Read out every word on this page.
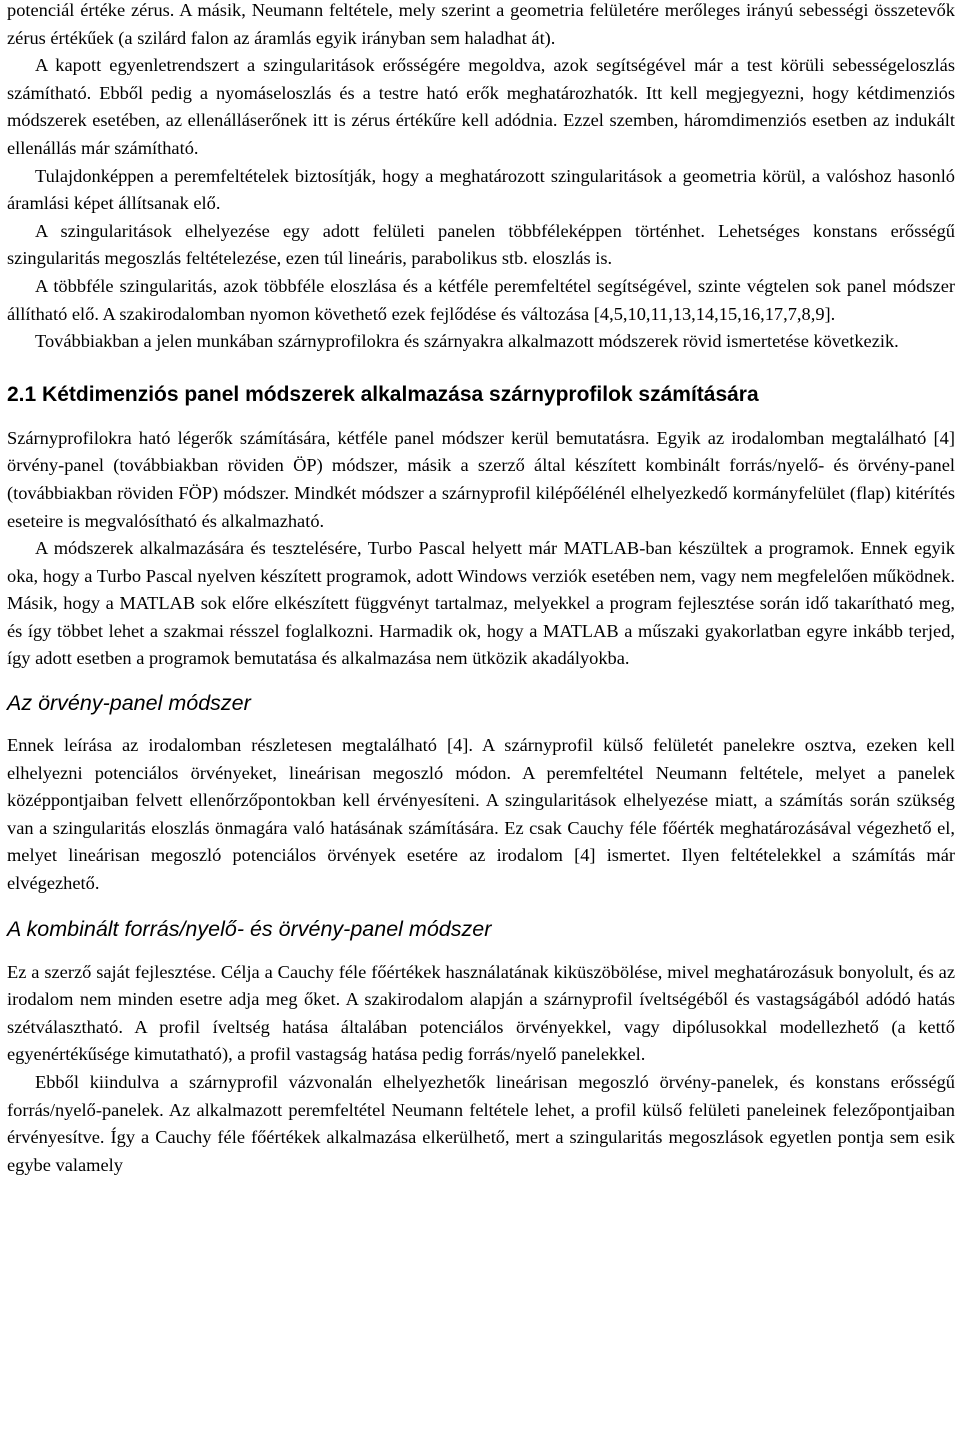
potenciál értéke zérus. A másik, Neumann feltétele, mely szerint a geometria felületére merőleges irányú sebességi összetevők zérus értékűek (a szilárd falon az áramlás egyik irányban sem haladhat át).

A kapott egyenletrendszert a szingularitások erősségére megoldva, azok segítségével már a test körüli sebességeloszlás számítható. Ebből pedig a nyomáseloszlás és a testre ható erők meghatározhatók. Itt kell megjegyezni, hogy kétdimenziós módszerek esetében, az ellenálláserőnek itt is zérus értékűre kell adódnia. Ezzel szemben, háromdimenziós esetben az indukált ellenállás már számítható.

Tulajdonképpen a peremfeltételek biztosítják, hogy a meghatározott szingularitások a geometria körül, a valóshoz hasonló áramlási képet állítsanak elő.

A szingularitások elhelyezése egy adott felületi panelen többféleképpen történhet. Lehetséges konstans erősségű szingularitás megoszlás feltételezése, ezen túl lineáris, parabolikus stb. eloszlás is.

A többféle szingularitás, azok többféle eloszlása és a kétféle peremfeltétel segítségével, szinte végtelen sok panel módszer állítható elő. A szakirodalomban nyomon követhető ezek fejlődése és változása [4,5,10,11,13,14,15,16,17,7,8,9].

Továbbiakban a jelen munkában szárnyprofilokra és szárnyakra alkalmazott módszerek rövid ismertetése következik.

2.1 Kétdimenziós panel módszerek alkalmazása szárnyprofilok számítására

Szárnyprofilokra ható légerők számítására, kétféle panel módszer kerül bemutatásra. Egyik az irodalomban megtalálható [4] örvény-panel (továbbiakban röviden ÖP) módszer, másik a szerző által készített kombinált forrás/nyelő- és örvény-panel (továbbiakban röviden FÖP) módszer. Mindkét módszer a szárnyprofil kilépőélénél elhelyezkedő kormányfelület (flap) kitérítés eseteire is megvalósítható és alkalmazható.

A módszerek alkalmazására és tesztelésére, Turbo Pascal helyett már MATLAB-ban készültek a programok. Ennek egyik oka, hogy a Turbo Pascal nyelven készített programok, adott Windows verziók esetében nem, vagy nem megfelelően működnek. Másik, hogy a MATLAB sok előre elkészített függvényt tartalmaz, melyekkel a program fejlesztése során idő takarítható meg, és így többet lehet a szakmai résszel foglalkozni. Harmadik ok, hogy a MATLAB a műszaki gyakorlatban egyre inkább terjed, így adott esetben a programok bemutatása és alkalmazása nem ütközik akadályokba.

Az örvény-panel módszer

Ennek leírása az irodalomban részletesen megtalálható [4]. A szárnyprofil külső felületét panelekre osztva, ezeken kell elhelyezni potenciálos örvényeket, lineárisan megoszló módon. A peremfeltétel Neumann feltétele, melyet a panelek középpontjaiban felvett ellenőrzőpontokban kell érvényesíteni. A szingularitások elhelyezése miatt, a számítás során szükség van a szingularitás eloszlás önmagára való hatásának számítására. Ez csak Cauchy féle főérték meghatározásával végezhető el, melyet lineárisan megoszló potenciálos örvények esetére az irodalom [4] ismertet. Ilyen feltételekkel a számítás már elvégezhető.

A kombinált forrás/nyelő- és örvény-panel módszer

Ez a szerző saját fejlesztése. Célja a Cauchy féle főértékek használatának kiküszöbölése, mivel meghatározásuk bonyolult, és az irodalom nem minden esetre adja meg őket. A szakirodalom alapján a szárnyprofil íveltségéből és vastagságából adódó hatás szétválasztható. A profil íveltség hatása általában potenciálos örvényekkel, vagy dipólusokkal modellezhető (a kettő egyenértékűsége kimutatható), a profil vastagság hatása pedig forrás/nyelő panelekkel.

Ebből kiindulva a szárnyprofil vázvonalán elhelyezhetők lineárisan megoszló örvény-panelek, és konstans erősségű forrás/nyelő-panelek. Az alkalmazott peremfeltétel Neumann feltétele lehet, a profil külső felületi paneleinek felezőpontjaiban érvényesítve. Így a Cauchy féle főértékek alkalmazása elkerülhető, mert a szingularitás megoszlások egyetlen pontja sem esik egybe valamely
